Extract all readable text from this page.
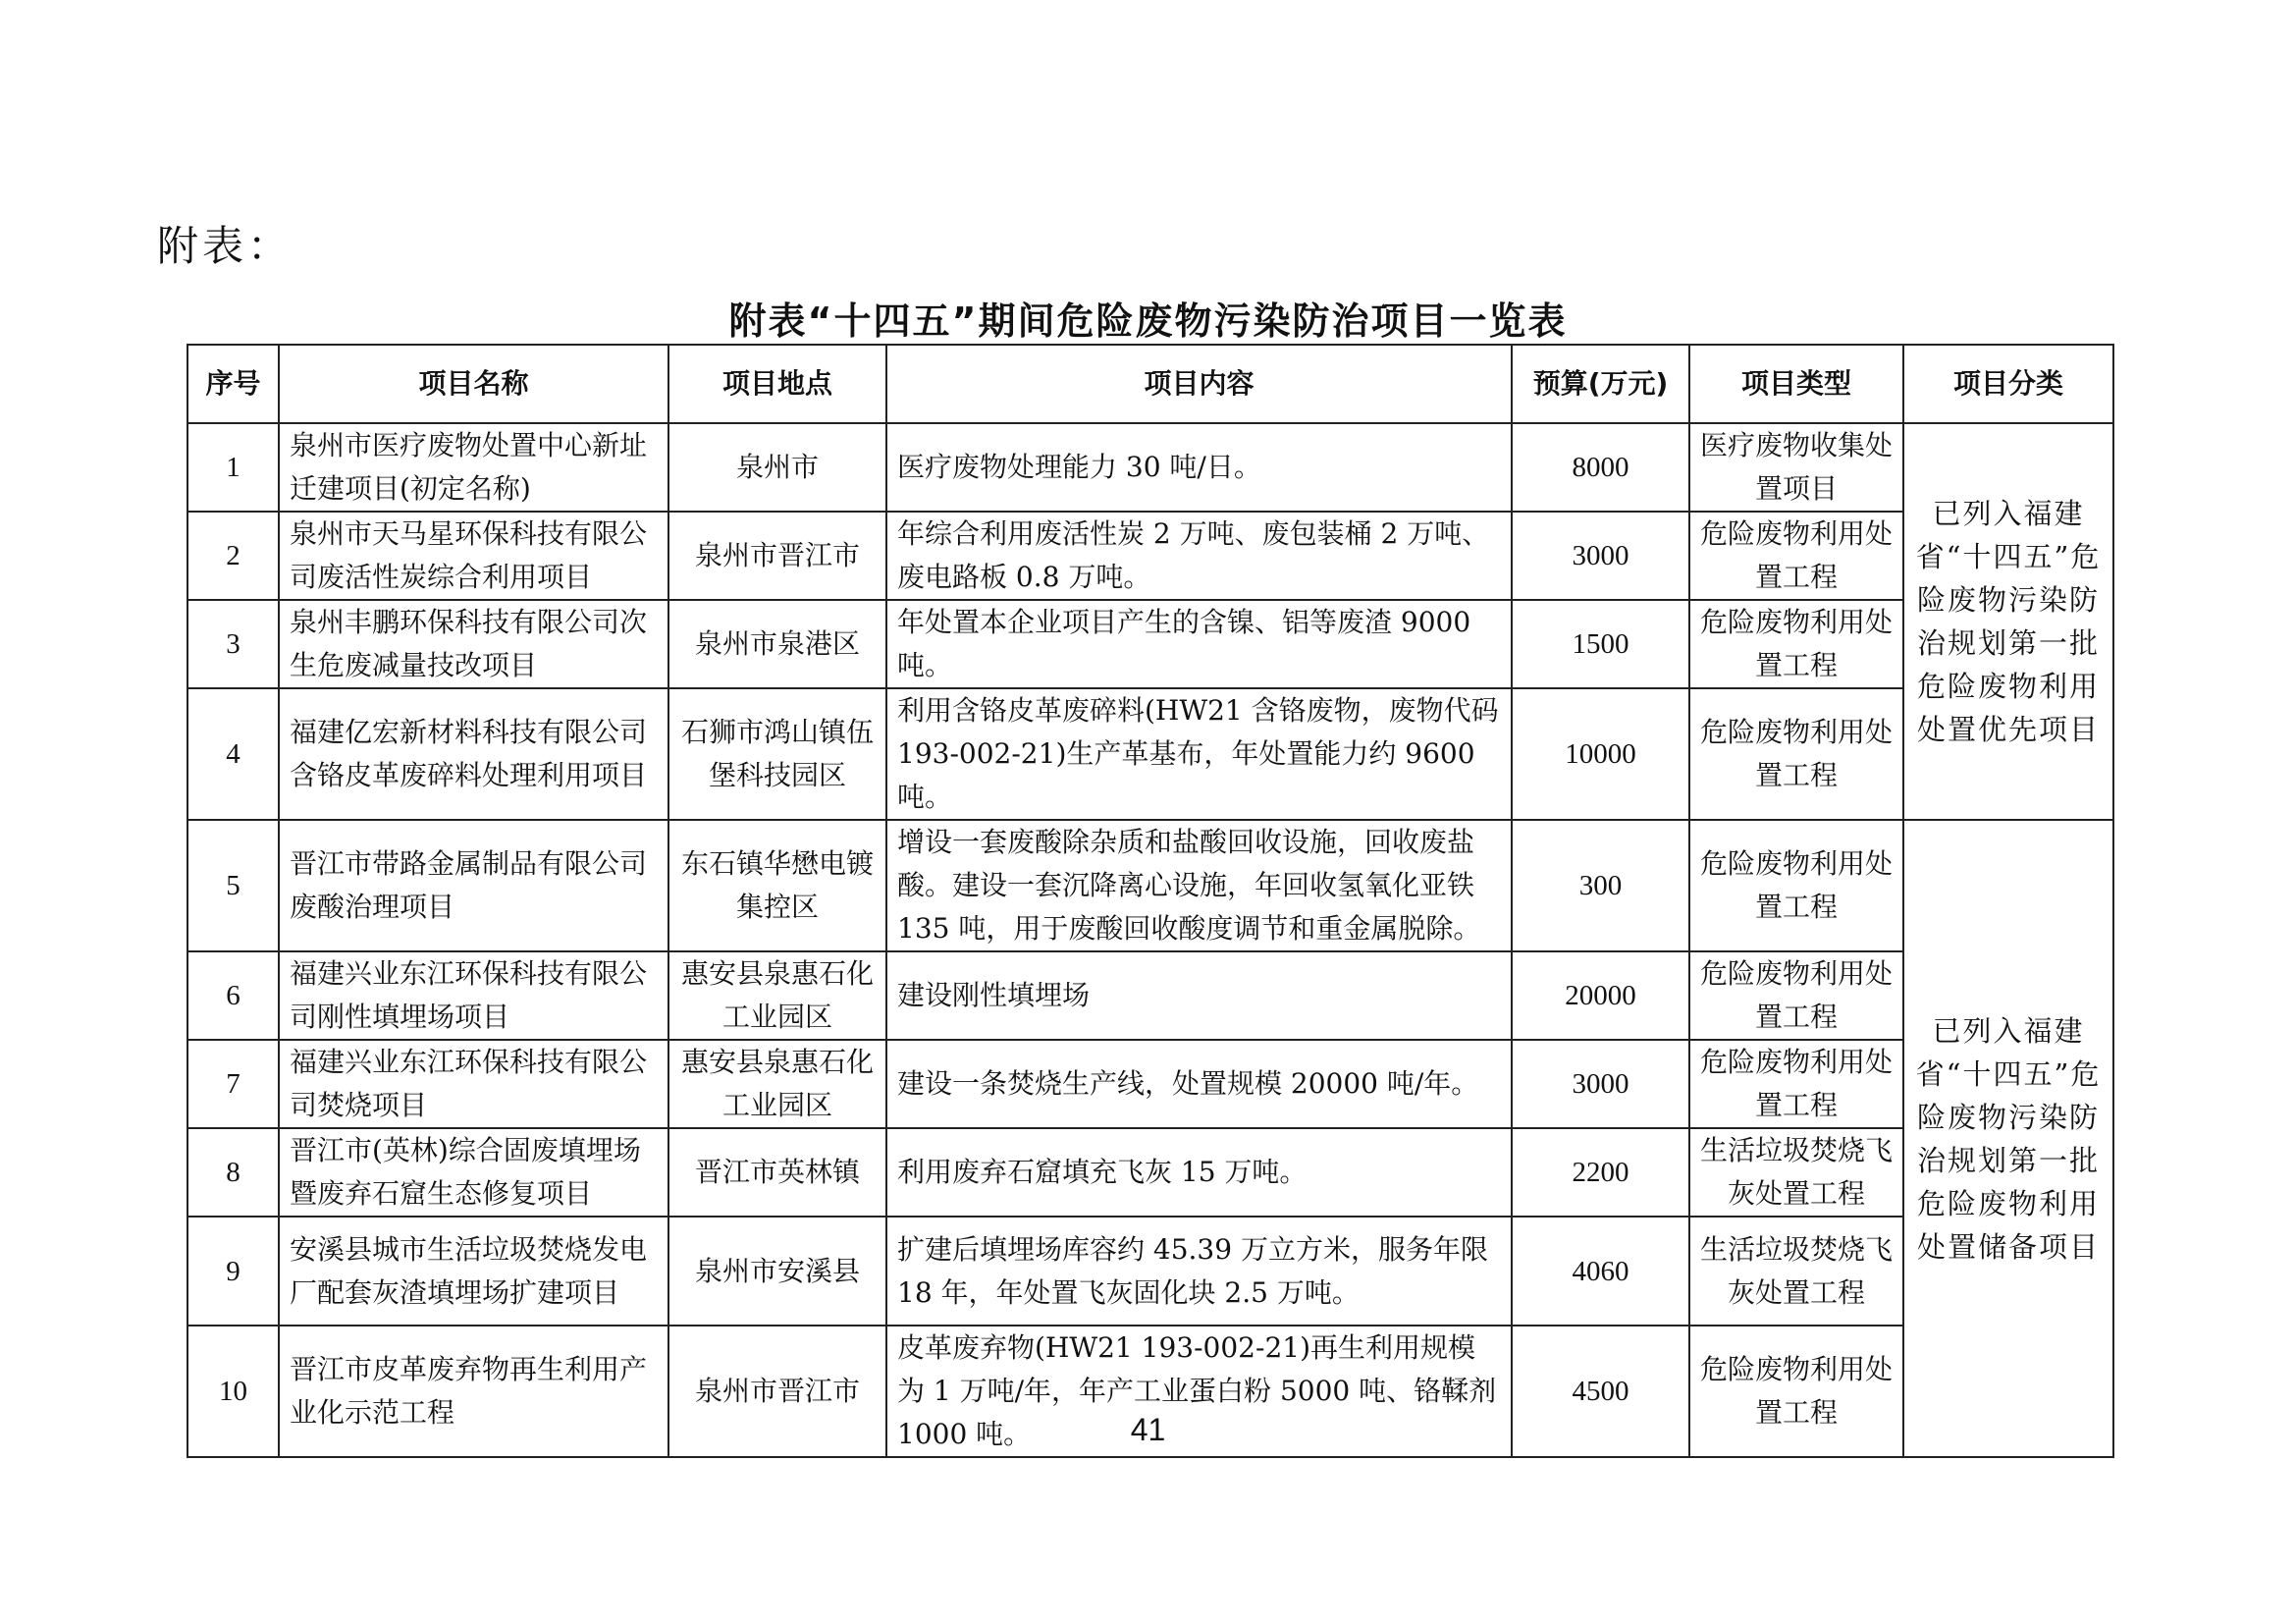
附表：
附表“十四五”期间危险废物污染防治项目一览表
序号	项目名称	项目地点	项目内容	预算(万元)	项目类型	项目分类
1	泉州市医疗废物处置中心新址迁建项目(初定名称)	泉州市	医疗废物处理能力 30 吨/日。	8000	医疗废物收集处置项目	已列入福建省“十四五”危险废物污染防治规划第一批危险废物利用处置优先项目
2	泉州市天马星环保科技有限公司废活性炭综合利用项目	泉州市晋江市	年综合利用废活性炭 2 万吨、废包装桶 2 万吨、废电路板 0.8 万吨。	3000	危险废物利用处置工程	
3	泉州丰鹏环保科技有限公司次生危废减量技改项目	泉州市泉港区	年处置本企业项目产生的含镍、铝等废渣 9000 吨。	1500	危险废物利用处置工程	
4	福建亿宏新材料科技有限公司含铬皮革废碎料处理利用项目	石狮市鸿山镇伍堡科技园区	利用含铬皮革废碎料(HW21 含铬废物，废物代码 193-002-21)生产革基布，年处置能力约 9600 吨。	10000	危险废物利用处置工程	
5	晋江市带路金属制品有限公司废酸治理项目	东石镇华懋电镀集控区	增设一套废酸除杂质和盐酸回收设施，回收废盐酸。建设一套沉降离心设施，年回收氢氧化亚铁 135 吨，用于废酸回收酸度调节和重金属脱除。	300	危险废物利用处置工程	已列入福建省“十四五”危险废物污染防治规划第一批危险废物利用处置储备项目
6	福建兴业东江环保科技有限公司刚性填埋场项目	惠安县泉惠石化工业园区	建设刚性填埋场	20000	危险废物利用处置工程	
7	福建兴业东江环保科技有限公司焚烧项目	惠安县泉惠石化工业园区	建设一条焚烧生产线，处置规模 20000 吨/年。	3000	危险废物利用处置工程	
8	晋江市(英林)综合固废填埋场暨废弃石窟生态修复项目	晋江市英林镇	利用废弃石窟填充飞灰 15 万吨。	2200	生活垃圾焚烧飞灰处置工程	
9	安溪县城市生活垃圾焚烧发电厂配套灰渣填埋场扩建项目	泉州市安溪县	扩建后填埋场库容约 45.39 万立方米，服务年限 18 年，年处置飞灰固化块 2.5 万吨。	4060	生活垃圾焚烧飞灰处置工程	
10	晋江市皮革废弃物再生利用产业化示范工程	泉州市晋江市	皮革废弃物(HW21 193-002-21)再生利用规模为 1 万吨/年，年产工业蛋白粉 5000 吨、铬鞣剂 1000 吨。	4500	危险废物利用处置工程	
41
